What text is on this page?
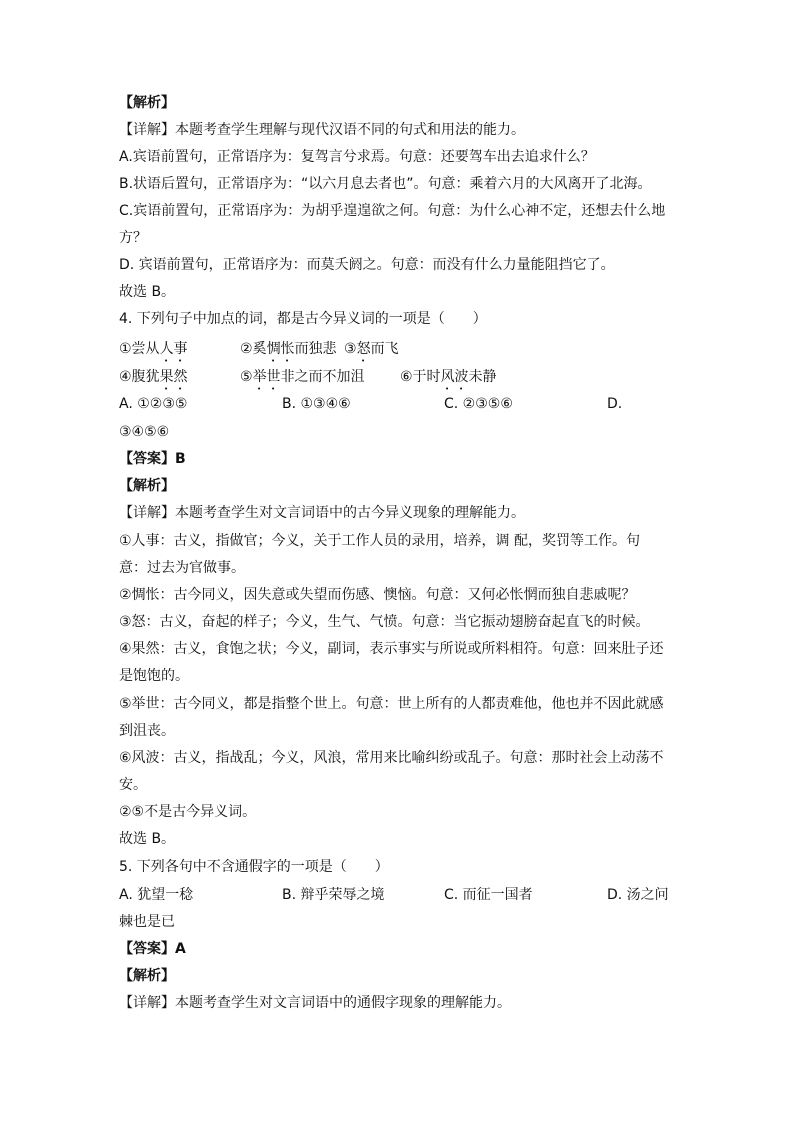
【解析】
【详解】本题考查学生理解与现代汉语不同的句式和用法的能力。
A.宾语前置句，正常语序为：复驾言兮求焉。句意：还要驾车出去追求什么？
B.状语后置句，正常语序为：“以六月息去者也”。句意：乘着六月的大风离开了北海。
C.宾语前置句，正常语序为：为胡乎遑遑欲之何。句意：为什么心神不定，还想去什么地
方？
D. 宾语前置句，正常语序为：而莫夭阏之。句意：而没有什么力量能阻挡它了。
故选 B。
4. 下列句子中加点的词，都是古今异义词的一项是（　　）
①尝从人事	②奚惆怅而独悲 ③怒而飞
④腹犹果然	⑤举世非之而不加沮	⑥于时风波未静
A. ①②③⑤	B. ①③④⑥	C. ②③⑤⑥	D.
③④⑤⑥
【答案】B
【解析】
【详解】本题考查学生对文言词语中的古今异义现象的理解能力。
①人事：古义，指做官；今义，关于工作人员的录用，培养，调 配，奖罚等工作。句
意：过去为官做事。
②惆怅：古今同义，因失意或失望而伤感、懊恼。句意：又何必怅惘而独自悲戚呢？
③怒：古义，奋起的样子；今义，生气、气愤。句意：当它振动翅膀奋起直飞的时候。
④果然：古义，食饱之状；今义，副词，表示事实与所说或所料相符。句意：回来肚子还
是饱饱的。
⑤举世：古今同义，都是指整个世上。句意：世上所有的人都责难他，他也并不因此就感
到沮丧。
⑥风波：古义，指战乱；今义，风浪，常用来比喻纠纷或乱子。句意：那时社会上动荡不
安。
②⑤不是古今异义词。
故选 B。
5. 下列各句中不含通假字的一项是（　　）
A. 犹望一稔	B. 辩乎荣辱之境	C. 而征一国者	D. 汤之问
棘也是已
【答案】A
【解析】
【详解】本题考查学生对文言词语中的通假字现象的理解能力。
